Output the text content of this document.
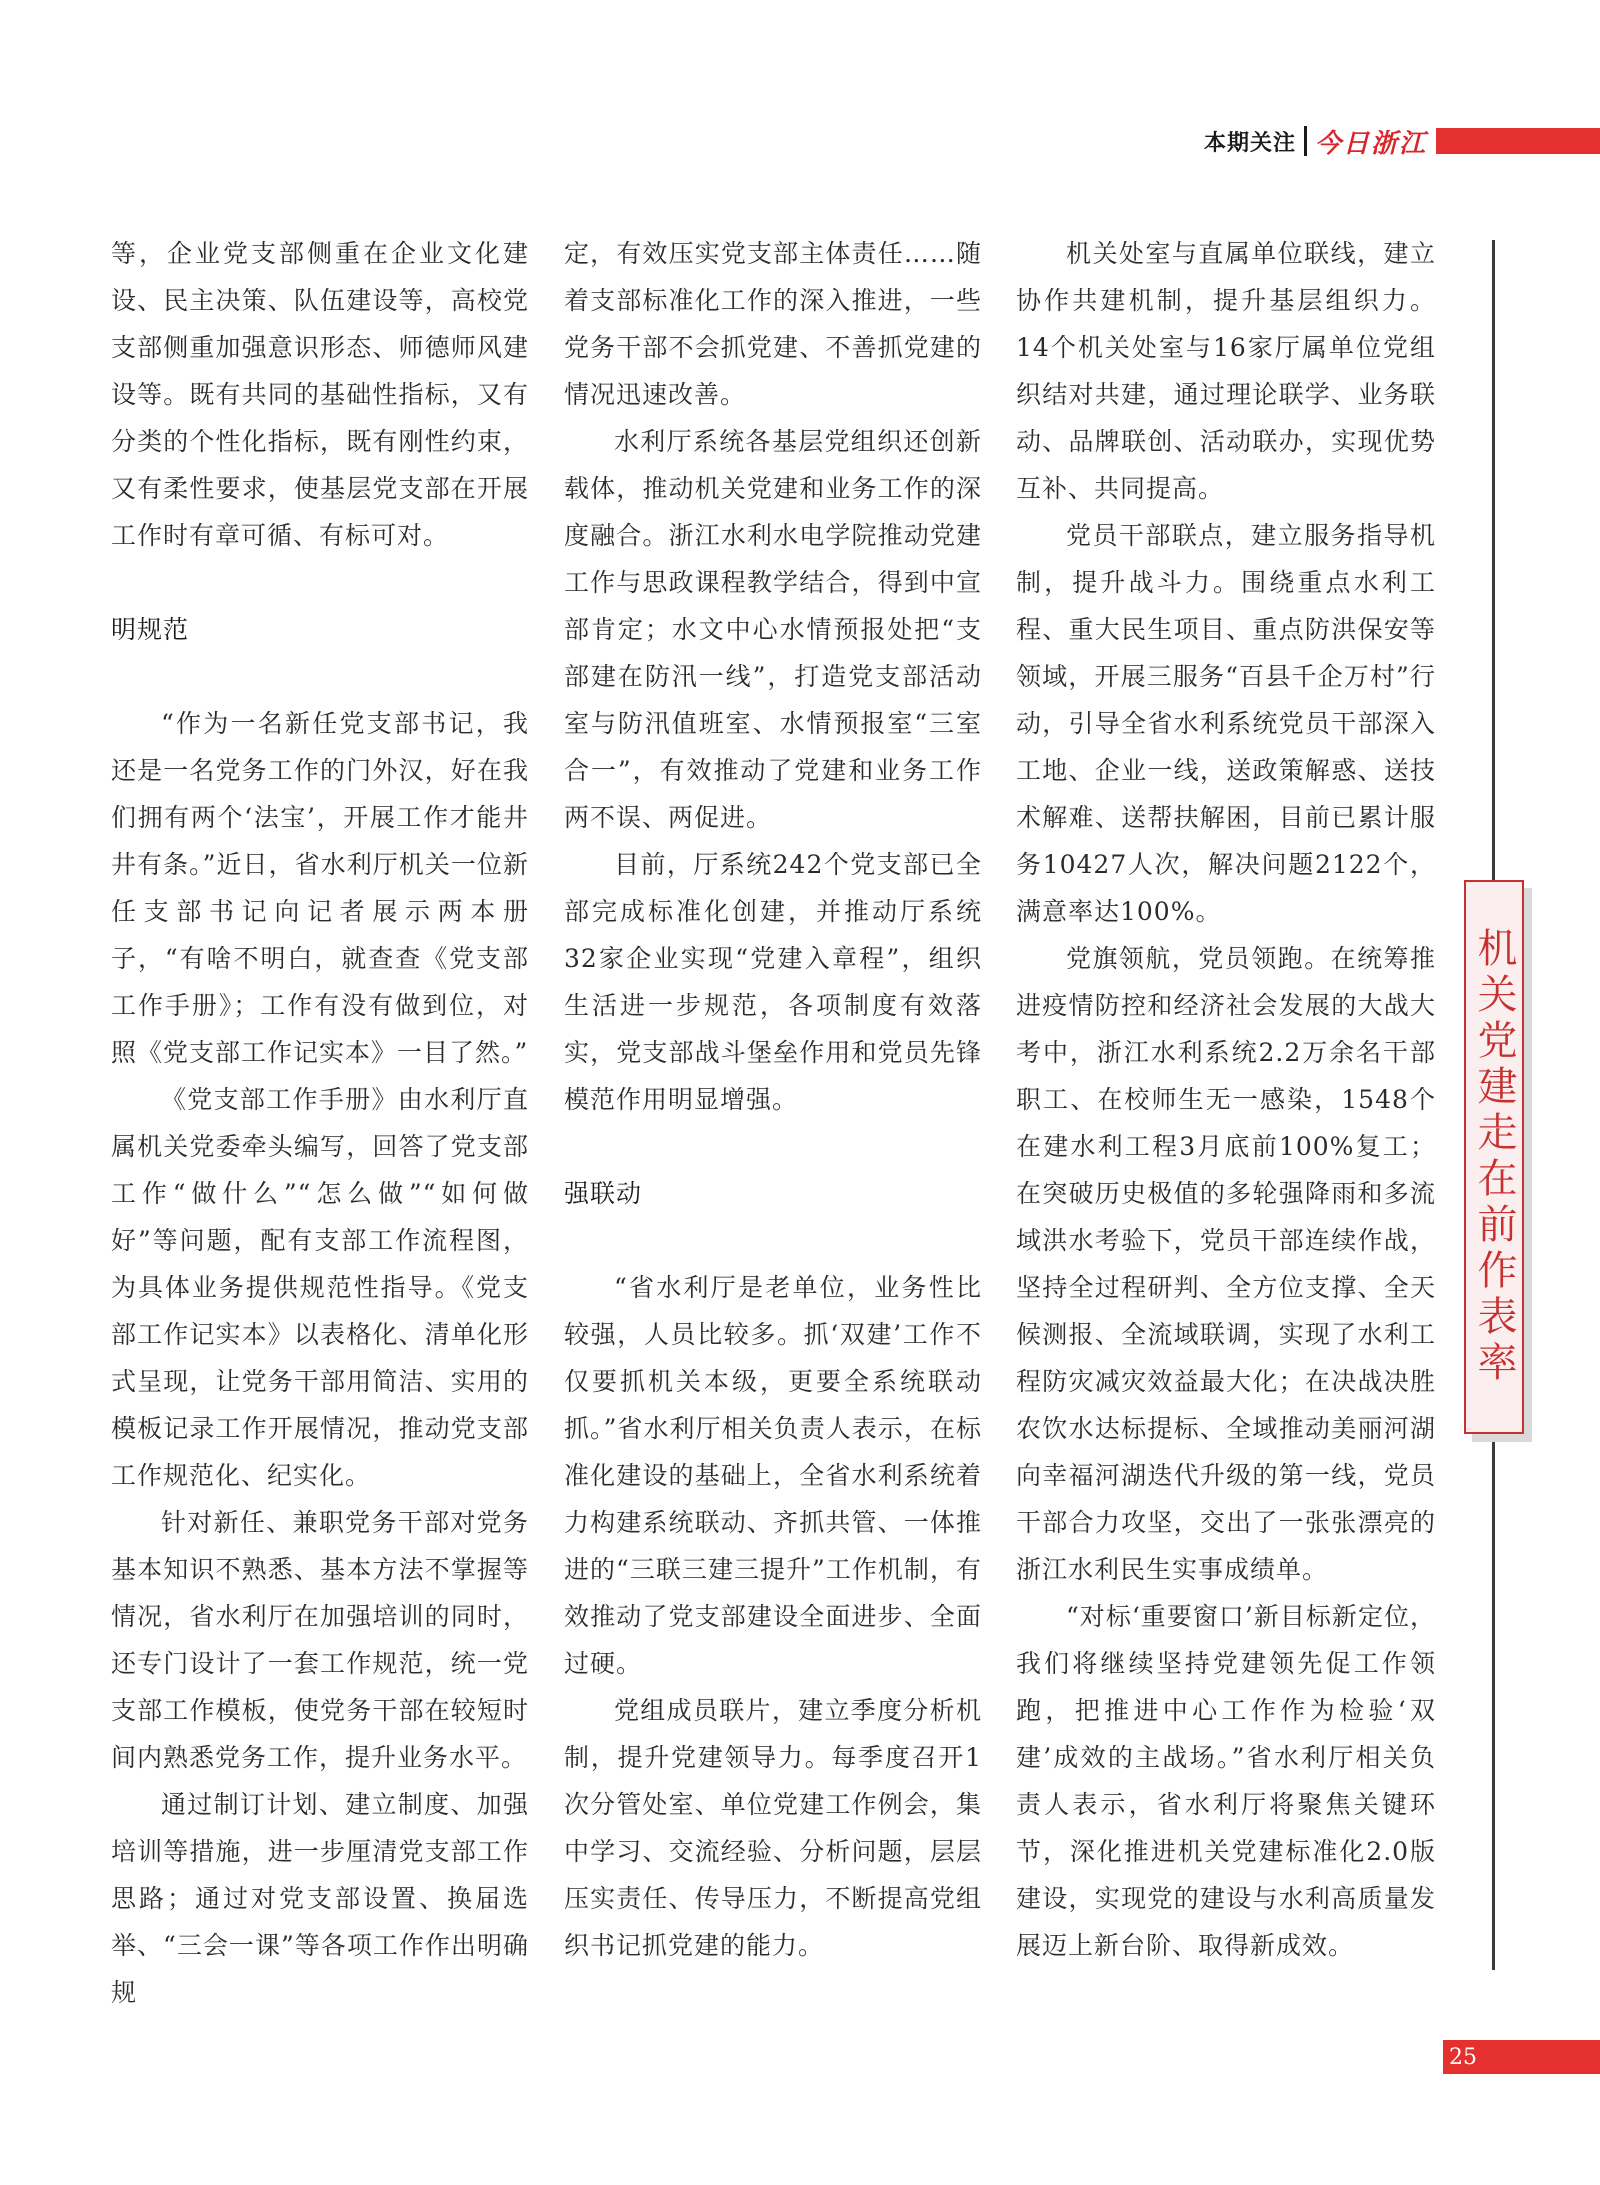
本期关注 今日浙江

等，企业党支部侧重在企业文化建设、民主决策、队伍建设等，高校党支部侧重加强意识形态、师德师风建设等。既有共同的基础性指标，又有分类的个性化指标，既有刚性约束，又有柔性要求，使基层党支部在开展工作时有章可循、有标可对。

明规范

“作为一名新任党支部书记，我还是一名党务工作的门外汉，好在我们拥有两个‘法宝’，开展工作才能井井有条。”近日，省水利厅机关一位新任支部书记向记者展示两本册子，“有啥不明白，就查查《党支部工作手册》；工作有没有做到位，对照《党支部工作记实本》一目了然。”

《党支部工作手册》由水利厅直属机关党委牵头编写，回答了党支部工作“做什么”“怎么做”“如何做好”等问题，配有支部工作流程图，为具体业务提供规范性指导。《党支部工作记实本》以表格化、清单化形式呈现，让党务干部用简洁、实用的模板记录工作开展情况，推动党支部工作规范化、纪实化。

针对新任、兼职党务干部对党务基本知识不熟悉、基本方法不掌握等情况，省水利厅在加强培训的同时，还专门设计了一套工作规范，统一党支部工作模板，使党务干部在较短时间内熟悉党务工作，提升业务水平。

通过制订计划、建立制度、加强培训等措施，进一步厘清党支部工作思路；通过对党支部设置、换届选举、“三会一课”等各项工作作出明确规

定，有效压实党支部主体责任……随着支部标准化工作的深入推进，一些党务干部不会抓党建、不善抓党建的情况迅速改善。

水利厅系统各基层党组织还创新载体，推动机关党建和业务工作的深度融合。浙江水利水电学院推动党建工作与思政课程教学结合，得到中宣部肯定；水文中心水情预报处把“支部建在防汛一线”，打造党支部活动室与防汛值班室、水情预报室“三室合一”，有效推动了党建和业务工作两不误、两促进。

目前，厅系统242个党支部已全部完成标准化创建，并推动厅系统32家企业实现“党建入章程”，组织生活进一步规范，各项制度有效落实，党支部战斗堡垒作用和党员先锋模范作用明显增强。

强联动

“省水利厅是老单位，业务性比较强，人员比较多。抓‘双建’工作不仅要抓机关本级，更要全系统联动抓。”省水利厅相关负责人表示，在标准化建设的基础上，全省水利系统着力构建系统联动、齐抓共管、一体推进的“三联三建三提升”工作机制，有效推动了党支部建设全面进步、全面过硬。

党组成员联片，建立季度分析机制，提升党建领导力。每季度召开1次分管处室、单位党建工作例会，集中学习、交流经验、分析问题，层层压实责任、传导压力，不断提高党组织书记抓党建的能力。

机关处室与直属单位联线，建立协作共建机制，提升基层组织力。14个机关处室与16家厅属单位党组织结对共建，通过理论联学、业务联动、品牌联创、活动联办，实现优势互补、共同提高。

党员干部联点，建立服务指导机制，提升战斗力。围绕重点水利工程、重大民生项目、重点防洪保安等领域，开展三服务“百县千企万村”行动，引导全省水利系统党员干部深入工地、企业一线，送政策解惑、送技术解难、送帮扶解困，目前已累计服务10427人次，解决问题2122个，满意率达100%。

党旗领航，党员领跑。在统筹推进疫情防控和经济社会发展的大战大考中，浙江水利系统2.2万余名干部职工、在校师生无一感染，1548个在建水利工程3月底前100%复工；在突破历史极值的多轮强降雨和多流域洪水考验下，党员干部连续作战，坚持全过程研判、全方位支撑、全天候测报、全流域联调，实现了水利工程防灾减灾效益最大化；在决战决胜农饮水达标提标、全域推动美丽河湖向幸福河湖迭代升级的第一线，党员干部合力攻坚，交出了一张张漂亮的浙江水利民生实事成绩单。

“对标‘重要窗口’新目标新定位，我们将继续坚持党建领先促工作领跑，把推进中心工作作为检验‘双建’成效的主战场。”省水利厅相关负责人表示，省水利厅将聚焦关键环节，深化推进机关党建标准化2.0版建设，实现党的建设与水利高质量发展迈上新台阶、取得新成效。

机关党建走在前作表率
25
